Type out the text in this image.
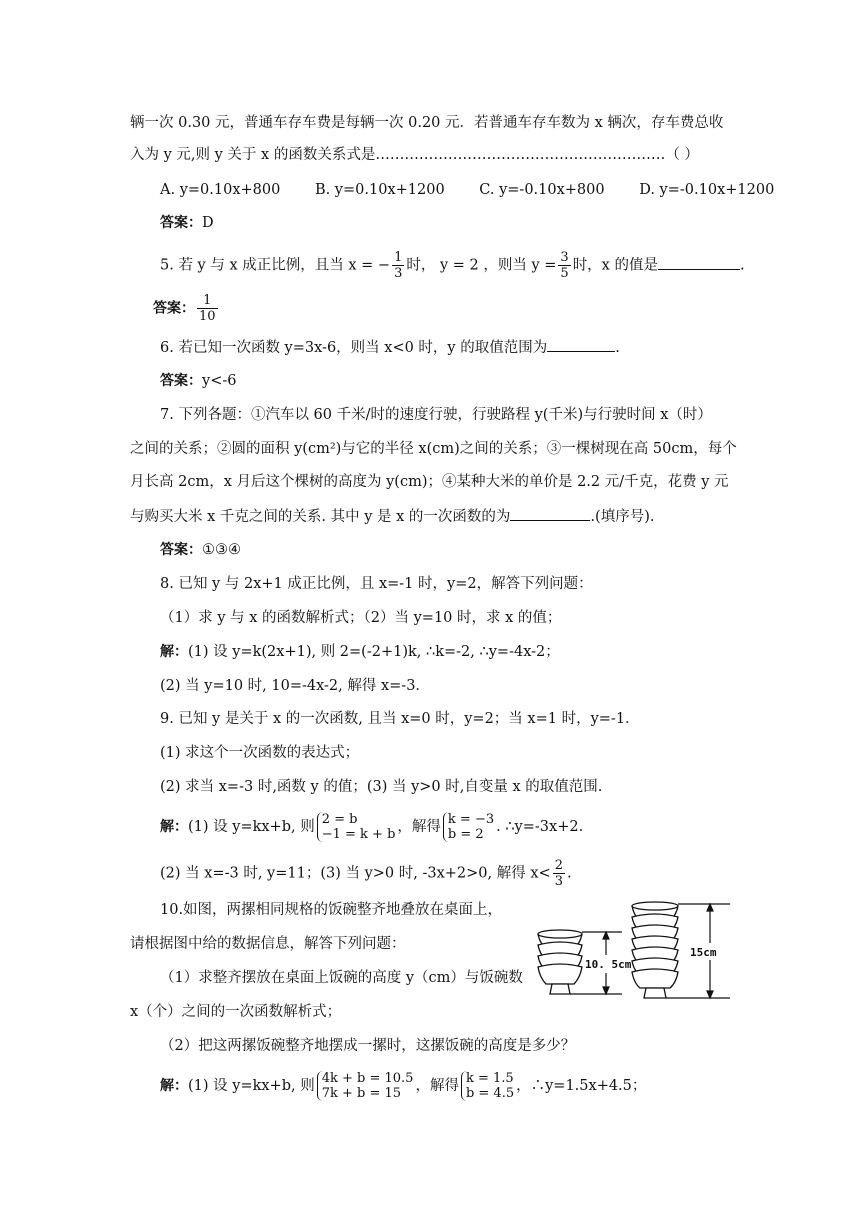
辆一次 0.30 元，普通车存车费是每辆一次 0.20 元．若普通车存车数为 x 辆次，存车费总收
入为 y 元,则 y 关于 x 的函数关系式是……………………………………………………（ ）
A. y=0.10x+800 B. y=0.10x+1200 C. y=-0.10x+800 D. y=-0.10x+1200
答案：D
5. 若 y 与 x 成正比例，且当 x = − $\frac{1}{3}$ 时， y = 2 ，则当 $y = \frac{3}{5}$ 时，x 的值是	.
答案： $\frac{1}{10}$
6. 若已知一次函数 y=3x-6，则当 x<0 时，y 的取值范围为	.
答案：y<-6
7. 下列各题：①汽车以 60 千米/时的速度行驶，行驶路程 y(千米)与行驶时间 x（时）
之间的关系；②圆的面积 y(cm²)与它的半径 x(cm)之间的关系；③一棵树现在高 50cm，每个
月长高 2cm，x 月后这个棵树的高度为 y(cm)；④某种大米的单价是 2.2 元/千克，花费 y 元
与购买大米 x 千克之间的关系. 其中 y 是 x 的一次函数的为	.(填序号).
答案：①③④
8. 已知 y 与 2x+1 成正比例，且 x=-1 时，y=2，解答下列问题：
（1）求 y 与 x 的函数解析式；（2）当 y=10 时，求 x 的值；
解：(1) 设 y=k(2x+1), 则 2=(-2+1)k, ∴k=-2, ∴y=-4x-2；
(2) 当 y=10 时, 10=-4x-2, 解得 x=-3．
9. 已知 y 是关于 x 的一次函数, 且当 x=0 时，y=2；当 x=1 时，y=-1．
(1) 求这个一次函数的表达式；
(2) 求当 x=-3 时,函数 y 的值；(3) 当 y>0 时,自变量 x 的取值范围.
解：(1) 设 y=kx+b, 则 2 = b
−1 = k + b ，解得 k = −3
b = 2 . ∴y=-3x+2.
(2) 当 x=-3 时, y=11；(3) 当 y>0 时, -3x+2>0, 解得 $x< \frac{2}{3}$ .
10.如图，两摞相同规格的饭碗整齐地叠放在桌面上，
请根据图中给的数据信息，解答下列问题：
（1）求整齐摆放在桌面上饭碗的高度 y（cm）与饭碗数
x（个）之间的一次函数解析式；
（2）把这两摞饭碗整齐地摆成一摞时，这摞饭碗的高度是多少？
解：(1) 设 y=kx+b, 则 4k + b = 10.5
7k + b = 15 ，解得 k = 1.5
b = 4.5 ，∴y=1.5x+4.5；
10. 5cm
15cm
